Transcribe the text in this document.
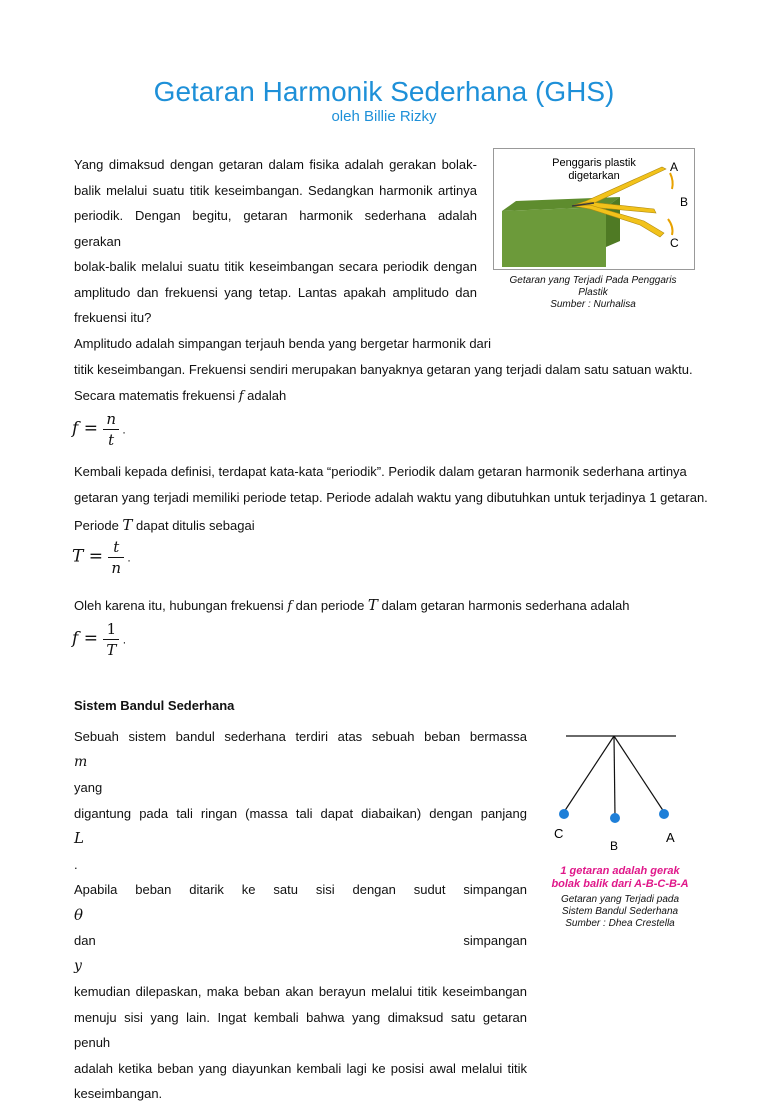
Getaran Harmonik Sederhana (GHS)
oleh Billie Rizky
Yang dimaksud dengan getaran dalam fisika adalah gerakan bolak-
balik melalui suatu titik keseimbangan. Sedangkan harmonik artinya
periodik. Dengan begitu, getaran harmonik sederhana adalah gerakan
bolak-balik melalui suatu titik keseimbangan secara periodik dengan
amplitudo dan frekuensi yang tetap. Lantas apakah amplitudo dan
frekuensi itu?
Penggaris plastik
digetarkan
A
B
C
Getaran yang Terjadi Pada Penggaris
Plastik
Sumber : Nurhalisa
Amplitudo adalah simpangan terjauh benda yang bergetar harmonik dari
titik keseimbangan. Frekuensi sendiri merupakan banyaknya getaran yang terjadi dalam satu satuan waktu.
Secara matematis frekuensi f adalah
$f = \frac{n}{t}$ .
Kembali kepada definisi, terdapat kata-kata “periodik”. Periodik dalam getaran harmonik sederhana artinya
getaran yang terjadi memiliki periode tetap. Periode adalah waktu yang dibutuhkan untuk terjadinya 1 getaran.
Periode T dapat ditulis sebagai
$T = \frac{t}{n}$ .
Oleh karena itu, hubungan frekuensi f dan periode T dalam getaran harmonis sederhana adalah
$f = \frac{1}{T}$ .
Sistem Bandul Sederhana
Sebuah sistem bandul sederhana terdiri atas sebuah beban bermassa
m
yang
digantung pada tali ringan (massa tali dapat diabaikan) dengan panjang
L
.
Apabila beban ditarik ke satu sisi dengan sudut simpangan
θ
dan simpangan
y
kemudian dilepaskan, maka beban akan berayun melalui titik keseimbangan
menuju sisi yang lain. Ingat kembali bahwa yang dimaksud satu getaran penuh
adalah ketika beban yang diayunkan kembali lagi ke posisi awal melalui titik
keseimbangan.
C
B
A
1 getaran adalah gerak
bolak balik dari A-B-C-B-A
Getaran yang Terjadi pada
Sistem Bandul Sederhana
Sumber : Dhea Crestella
